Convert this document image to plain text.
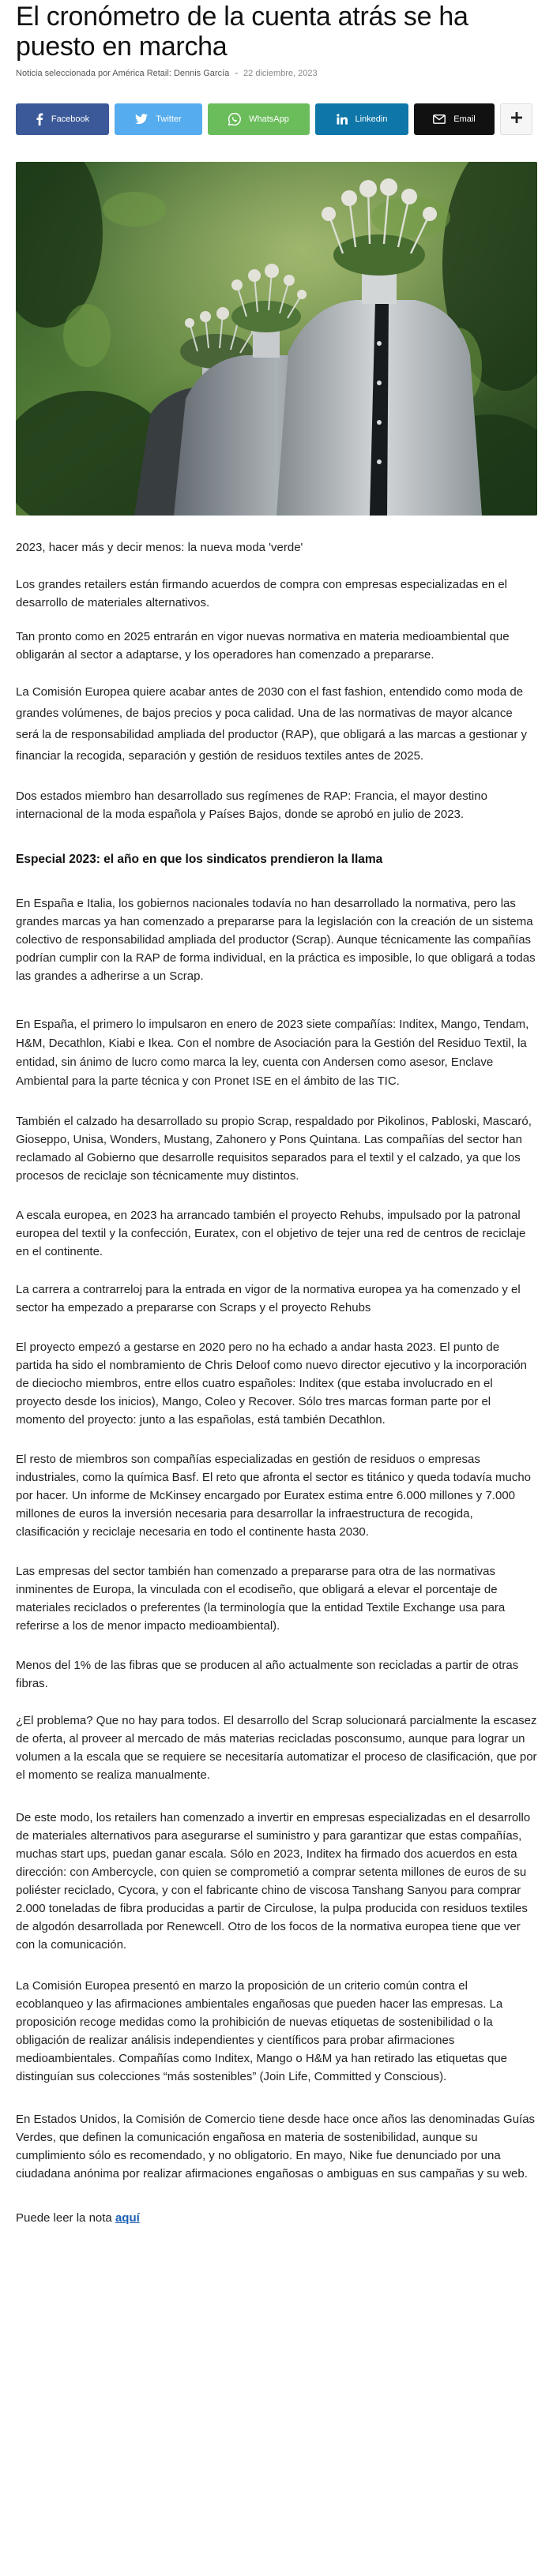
El cronómetro de la cuenta atrás se ha puesto en marcha
Noticia seleccionada por América Retail: Dennis García - 22 diciembre, 2023
Facebook	Twitter	WhatsApp	Linkedin	Email
2023, hacer más y decir menos: la nueva moda 'verde'

Los grandes retailers están firmando acuerdos de compra con empresas especializadas en el desarrollo de materiales alternativos.

Tan pronto como en 2025 entrarán en vigor nuevas normativa en materia medioambiental que obligarán al sector a adaptarse, y los operadores han comenzado a prepararse.

La Comisión Europea quiere acabar antes de 2030 con el fast fashion, entendido como moda de grandes volúmenes, de bajos precios y poca calidad. Una de las normativas de mayor alcance será la de responsabilidad ampliada del productor (RAP), que obligará a las marcas a gestionar y financiar la recogida, separación y gestión de residuos textiles antes de 2025.

Dos estados miembro han desarrollado sus regímenes de RAP: Francia, el mayor destino internacional de la moda española y Países Bajos, donde se aprobó en julio de 2023.

Especial 2023: el año en que los sindicatos prendieron la llama

En España e Italia, los gobiernos nacionales todavía no han desarrollado la normativa, pero las grandes marcas ya han comenzado a prepararse para la legislación con la creación de un sistema colectivo de responsabilidad ampliada del productor (Scrap). Aunque técnicamente las compañías podrían cumplir con la RAP de forma individual, en la práctica es imposible, lo que obligará a todas las grandes a adherirse a un Scrap.

En España, el primero lo impulsaron en enero de 2023 siete compañías: Inditex, Mango, Tendam, H&M, Decathlon, Kiabi e Ikea. Con el nombre de Asociación para la Gestión del Residuo Textil, la entidad, sin ánimo de lucro como marca la ley, cuenta con Andersen como asesor, Enclave Ambiental para la parte técnica y con Pronet ISE en el ámbito de las TIC.

También el calzado ha desarrollado su propio Scrap, respaldado por Pikolinos, Pabloski, Mascaró, Gioseppo, Unisa, Wonders, Mustang, Zahonero y Pons Quintana. Las compañías del sector han reclamado al Gobierno que desarrolle requisitos separados para el textil y el calzado, ya que los procesos de reciclaje son técnicamente muy distintos.

A escala europea, en 2023 ha arrancado también el proyecto Rehubs, impulsado por la patronal europea del textil y la confección, Euratex, con el objetivo de tejer una red de centros de reciclaje en el continente.

La carrera a contrarreloj para la entrada en vigor de la normativa europea ya ha comenzado y el sector ha empezado a prepararse con Scraps y el proyecto Rehubs

El proyecto empezó a gestarse en 2020 pero no ha echado a andar hasta 2023. El punto de partida ha sido el nombramiento de Chris Deloof como nuevo director ejecutivo y la incorporación de dieciocho miembros, entre ellos cuatro españoles: Inditex (que estaba involucrado en el proyecto desde los inicios), Mango, Coleo y Recover. Sólo tres marcas forman parte por el momento del proyecto: junto a las españolas, está también Decathlon.

El resto de miembros son compañías especializadas en gestión de residuos o empresas industriales, como la química Basf. El reto que afronta el sector es titánico y queda todavía mucho por hacer. Un informe de McKinsey encargado por Euratex estima entre 6.000 millones y 7.000 millones de euros la inversión necesaria para desarrollar la infraestructura de recogida, clasificación y reciclaje necesaria en todo el continente hasta 2030.

Las empresas del sector también han comenzado a prepararse para otra de las normativas inminentes de Europa, la vinculada con el ecodiseño, que obligará a elevar el porcentaje de materiales reciclados o preferentes (la terminología que la entidad Textile Exchange usa para referirse a los de menor impacto medioambiental).

Menos del 1% de las fibras que se producen al año actualmente son recicladas a partir de otras fibras.

¿El problema? Que no hay para todos. El desarrollo del Scrap solucionará parcialmente la escasez de oferta, al proveer al mercado de más materias recicladas posconsumo, aunque para lograr un volumen a la escala que se requiere se necesitaría automatizar el proceso de clasificación, que por el momento se realiza manualmente.

De este modo, los retailers han comenzado a invertir en empresas especializadas en el desarrollo de materiales alternativos para asegurarse el suministro y para garantizar que estas compañías, muchas start ups, puedan ganar escala. Sólo en 2023, Inditex ha firmado dos acuerdos en esta dirección: con Ambercycle, con quien se comprometió a comprar setenta millones de euros de su poliéster reciclado, Cycora, y con el fabricante chino de viscosa Tanshang Sanyou para comprar 2.000 toneladas de fibra producidas a partir de Circulose, la pulpa producida con residuos textiles de algodón desarrollada por Renewcell. Otro de los focos de la normativa europea tiene que ver con la comunicación.

La Comisión Europea presentó en marzo la proposición de un criterio común contra el ecoblanqueo y las afirmaciones ambientales engañosas que pueden hacer las empresas. La proposición recoge medidas como la prohibición de nuevas etiquetas de sostenibilidad o la obligación de realizar análisis independientes y científicos para probar afirmaciones medioambientales. Compañías como Inditex, Mango o H&M ya han retirado las etiquetas que distinguían sus colecciones “más sostenibles” (Join Life, Committed y Conscious).

En Estados Unidos, la Comisión de Comercio tiene desde hace once años las denominadas Guías Verdes, que definen la comunicación engañosa en materia de sostenibilidad, aunque su cumplimiento sólo es recomendado, y no obligatorio. En mayo, Nike fue denunciado por una ciudadana anónima por realizar afirmaciones engañosas o ambiguas en sus campañas y su web.

Puede leer la nota aquí
